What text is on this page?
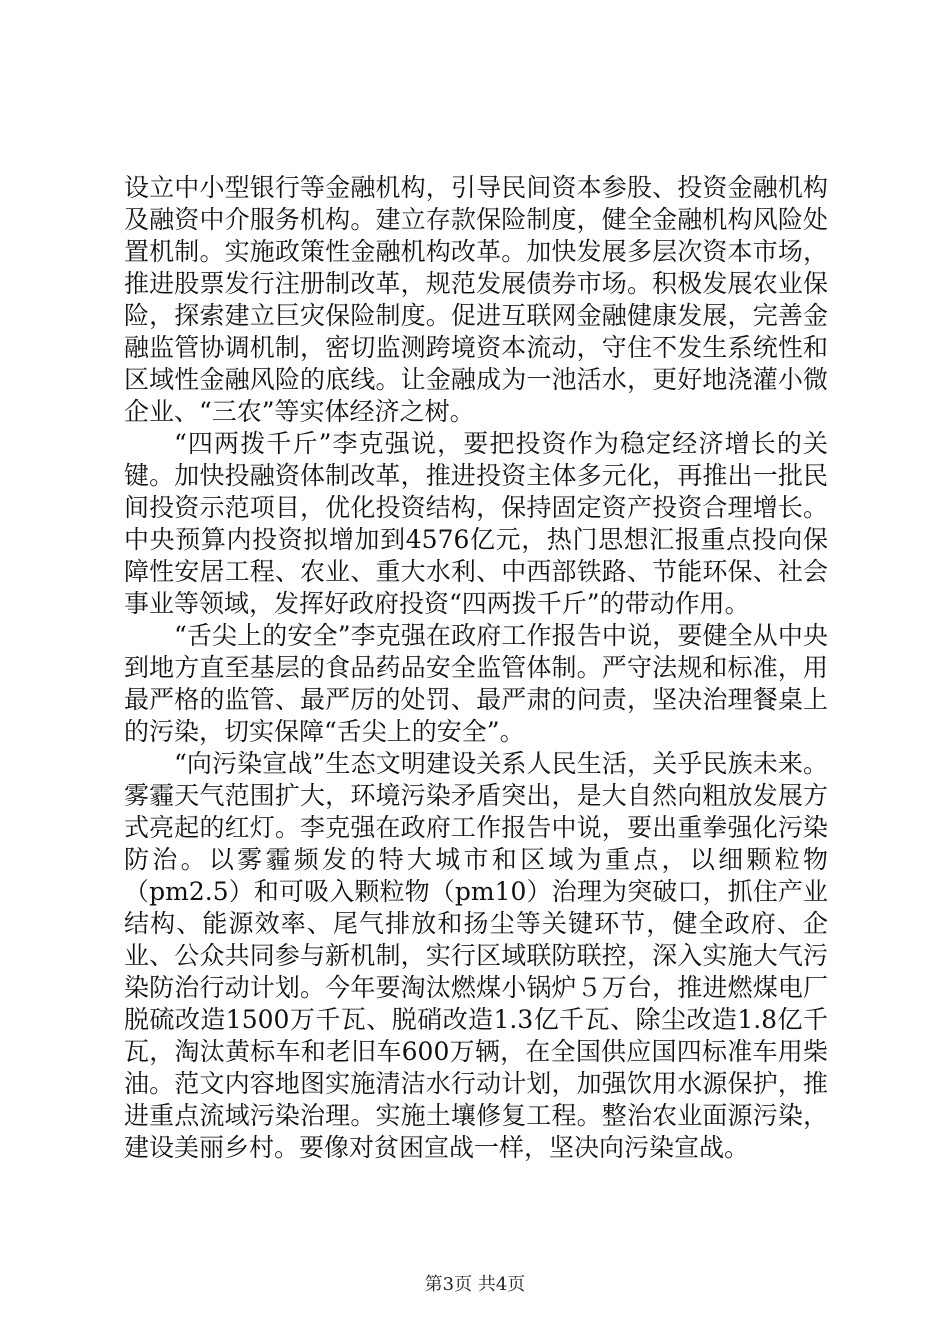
设立中小型银行等金融机构，引导民间资本参股、投资金融机构及融资中介服务机构。建立存款保险制度，健全金融机构风险处置机制。实施政策性金融机构改革。加快发展多层次资本市场，推进股票发行注册制改革，规范发展债券市场。积极发展农业保险，探索建立巨灾保险制度。促进互联网金融健康发展，完善金融监管协调机制，密切监测跨境资本流动，守住不发生系统性和区域性金融风险的底线。让金融成为一池活水，更好地浇灌小微企业、“三农”等实体经济之树。

“四两拨千斤”李克强说，要把投资作为稳定经济增长的关键。加快投融资体制改革，推进投资主体多元化，再推出一批民间投资示范项目，优化投资结构，保持固定资产投资合理增长。中央预算内投资拟增加到4576亿元，热门思想汇报重点投向保障性安居工程、农业、重大水利、中西部铁路、节能环保、社会事业等领域，发挥好政府投资“四两拨千斤”的带动作用。

“舌尖上的安全”李克强在政府工作报告中说，要健全从中央到地方直至基层的食品药品安全监管体制。严守法规和标准，用最严格的监管、最严厉的处罚、最严肃的问责，坚决治理餐桌上的污染，切实保障“舌尖上的安全”。

“向污染宣战”生态文明建设关系人民生活，关乎民族未来。雾霾天气范围扩大，环境污染矛盾突出，是大自然向粗放发展方式亮起的红灯。李克强在政府工作报告中说，要出重拳强化污染防治。以雾霾频发的特大城市和区域为重点，以细颗粒物（pm2.5）和可吸入颗粒物（pm10）治理为突破口，抓住产业结构、能源效率、尾气排放和扬尘等关键环节，健全政府、企业、公众共同参与新机制，实行区域联防联控，深入实施大气污染防治行动计划。今年要淘汰燃煤小锅炉５万台，推进燃煤电厂脱硫改造1500万千瓦、脱硝改造1.3亿千瓦、除尘改造1.8亿千瓦，淘汰黄标车和老旧车600万辆，在全国供应国四标准车用柴油。范文内容地图实施清洁水行动计划，加强饮用水源保护，推进重点流域污染治理。实施土壤修复工程。整治农业面源污染，建设美丽乡村。要像对贫困宣战一样，坚决向污染宣战。

第3页 共4页
